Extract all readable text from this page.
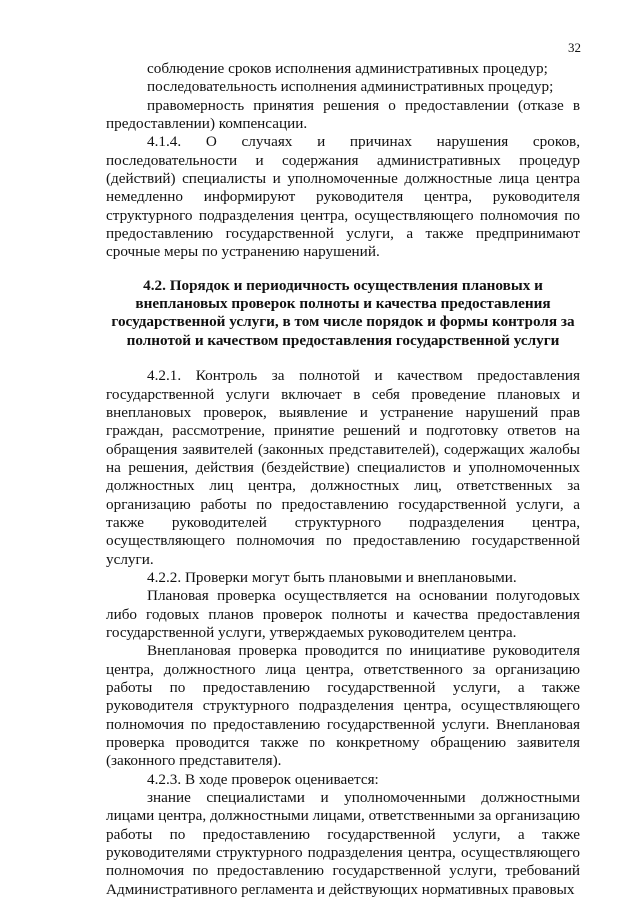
32

соблюдение сроков исполнения административных процедур;

последовательность исполнения административных процедур;

правомерность принятия решения о предоставлении (отказе в предоставлении) компенсации.

4.1.4. О случаях и причинах нарушения сроков, последовательности и содержания административных процедур (действий) специалисты и уполномоченные должностные лица центра немедленно информируют руководителя центра, руководителя структурного подразделения центра, осуществляющего полномочия по предоставлению государственной услуги, а также предпринимают срочные меры по устранению нарушений.

4.2. Порядок и периодичность осуществления плановых и внеплановых проверок полноты и качества предоставления государственной услуги, в том числе порядок и формы контроля за полнотой и качеством предоставления государственной услуги

4.2.1. Контроль за полнотой и качеством предоставления государственной услуги включает в себя проведение плановых и внеплановых проверок, выявление и устранение нарушений прав граждан, рассмотрение, принятие решений и подготовку ответов на обращения заявителей (законных представителей), содержащих жалобы на решения, действия (бездействие) специалистов и уполномоченных должностных лиц центра, должностных лиц, ответственных за организацию работы по предоставлению государственной услуги, а также руководителей структурного подразделения центра, осуществляющего полномочия по предоставлению государственной услуги.

4.2.2. Проверки могут быть плановыми и внеплановыми.

Плановая проверка осуществляется на основании полугодовых либо годовых планов проверок полноты и качества предоставления государственной услуги, утверждаемых руководителем центра.

Внеплановая проверка проводится по инициативе руководителя центра, должностного лица центра, ответственного за организацию работы по предоставлению государственной услуги, а также руководителя структурного подразделения центра, осуществляющего полномочия по предоставлению государственной услуги. Внеплановая проверка проводится также по конкретному обращению заявителя (законного представителя).

4.2.3. В ходе проверок оценивается:

знание специалистами и уполномоченными должностными лицами центра, должностными лицами, ответственными за организацию работы по предоставлению государственной услуги, а также руководителями структурного подразделения центра, осуществляющего полномочия по предоставлению государственной услуги, требований Административного регламента и действующих нормативных правовых
